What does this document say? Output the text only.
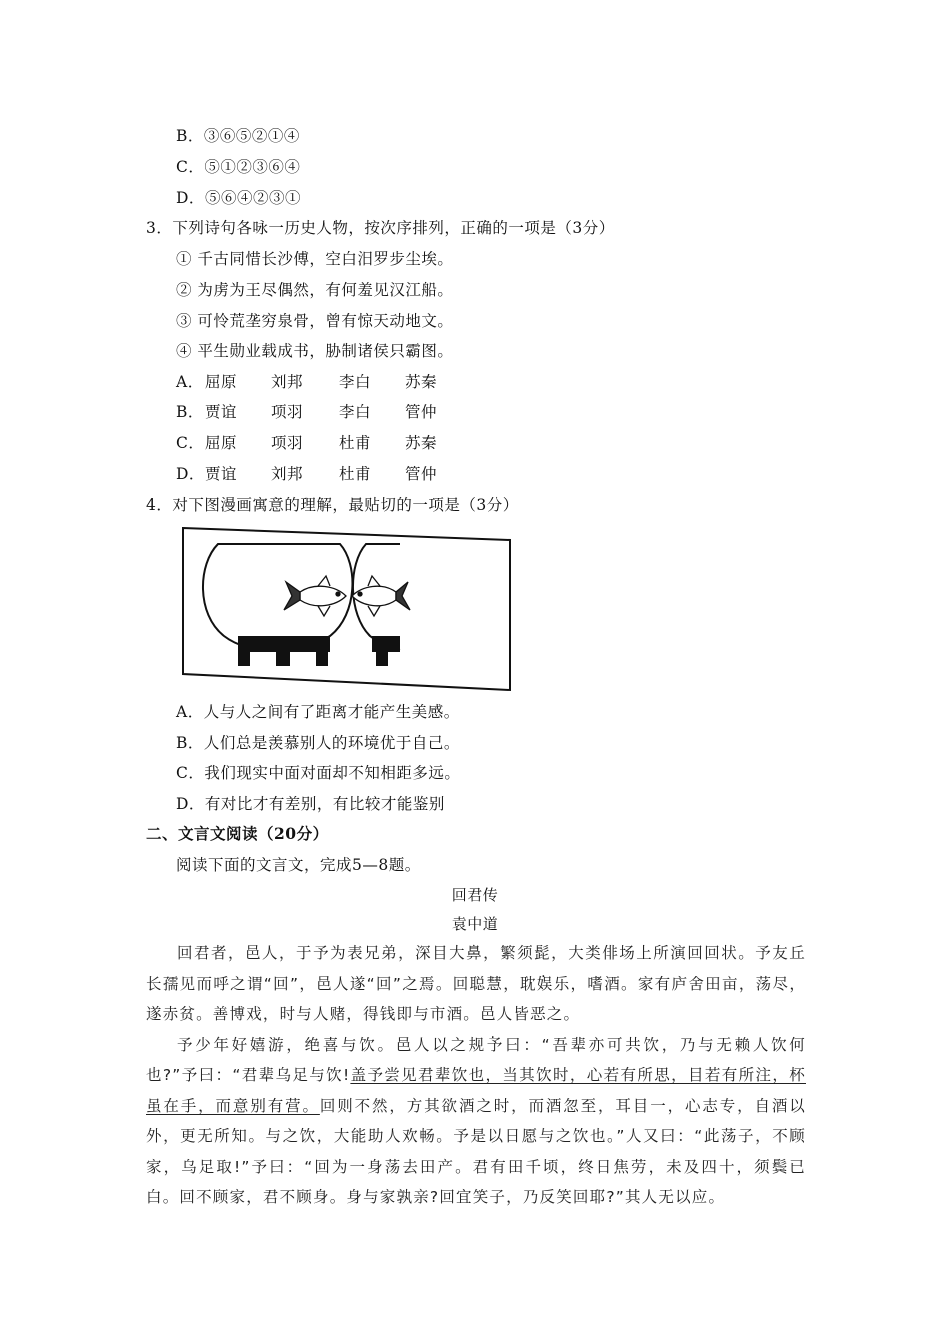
B．③⑥⑤②①④
C．⑤①②③⑥④
D．⑤⑥④②③①
3．下列诗句各咏一历史人物，按次序排列，正确的一项是（3分）
① 千古同惜长沙傅，空白汨罗步尘埃。
② 为虏为王尽偶然，有何羞见汉江船。
③ 可怜荒垄穷泉骨，曾有惊天动地文。
④ 平生勋业载成书，胁制诸侯只霸图。
A．屈原 刘邦 李白 苏秦
B．贾谊 项羽 李白 管仲
C．屈原 项羽 杜甫 苏秦
D．贾谊 刘邦 杜甫 管仲
4．对下图漫画寓意的理解，最贴切的一项是（3分）
A．人与人之间有了距离才能产生美感。
B．人们总是羡慕别人的环境优于自己。
C．我们现实中面对面却不知相距多远。
D．有对比才有差别，有比较才能鉴别
二、文言文阅读（20分）
阅读下面的文言文，完成5—8题。
回君传
袁中道

回君者，邑人，于予为表兄弟，深目大鼻，繁须髭，大类俳场上所演回回状。予友丘长孺见而呼之谓“回”，邑人遂“回”之焉。回聪慧，耽娱乐，嗜酒。家有庐舍田亩，荡尽，遂赤贫。善博戏，时与人赌，得钱即与市酒。邑人皆恶之。

予少年好嬉游，绝喜与饮。邑人以之规予曰：“吾辈亦可共饮，乃与无赖人饮何也?”予曰：“君辈乌足与饮!盖予尝见君辈饮也，当其饮时，心若有所思，目若有所注，杯虽在手，而意别有营。回则不然，方其欲酒之时，而酒忽至，耳目一，心志专，自酒以外，更无所知。与之饮，大能助人欢畅。予是以日愿与之饮也。”人又曰：“此荡子，不顾家，乌足取!”予曰：“回为一身荡去田产。君有田千顷，终日焦劳，未及四十，须鬓已白。回不顾家，君不顾身。身与家孰亲?回宜笑子，乃反笑回耶?”其人无以应。
